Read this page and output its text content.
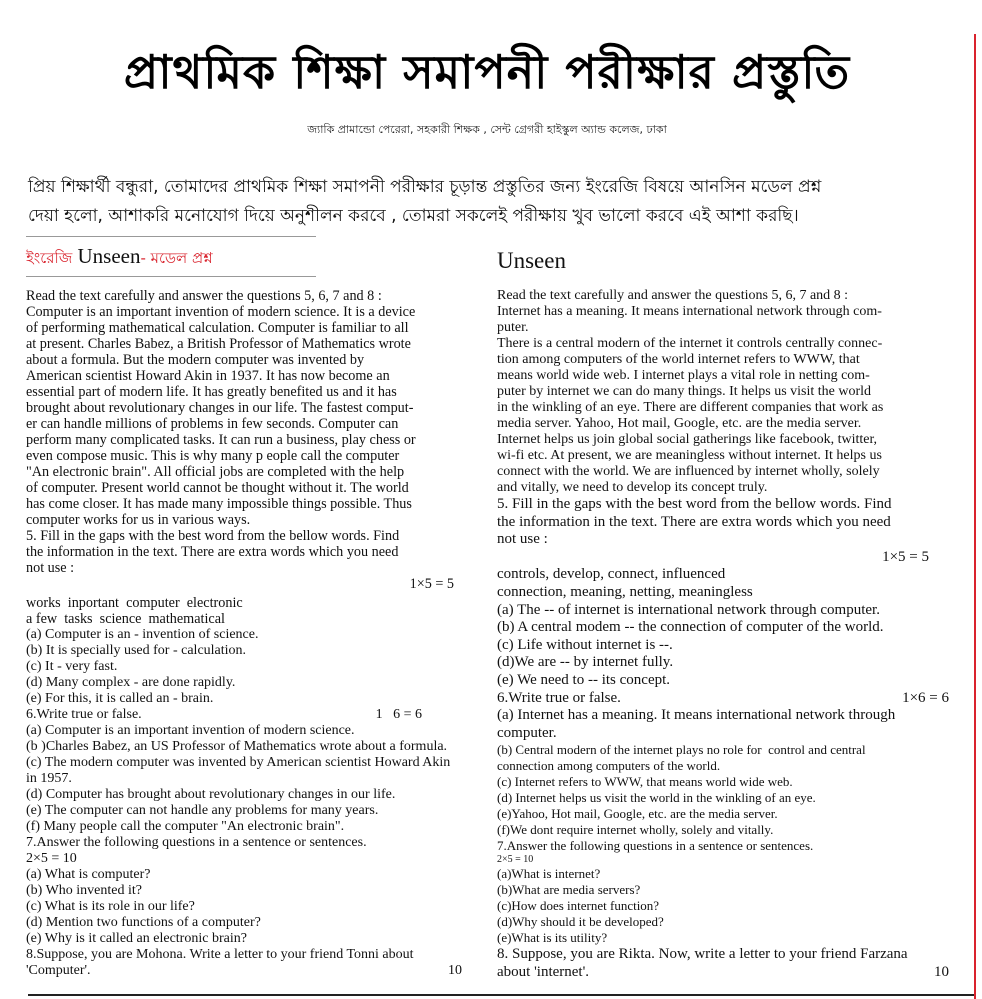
প্রাথমিক শিক্ষা সমাপনী পরীক্ষার প্রস্তুতি
জ্যাকি প্রামান্ডো পেরেরা, সহকারী শিক্ষক , সেন্ট গ্রেগরী হাইস্কুল অ্যান্ড কলেজ, ঢাকা
প্রিয় শিক্ষার্থী বন্ধুরা, তোমাদের প্রাথমিক শিক্ষা সমাপনী পরীক্ষার চূড়ান্ত প্রস্তুতির জন্য ইংরেজি বিষয়ে আনসিন মডেল প্রশ্ন
দেয়া হলো, আশাকরি মনোযোগ দিয়ে অনুশীলন করবে , তোমরা সকলেই পরীক্ষায় খুব ভালো করবে এই আশা করছি।
ইংরেজি Unseen- মডেল প্রশ্ন	Unseen

Read the text carefully and answer the questions 5, 6, 7 and 8 :

Computer is an important invention of modern science. It is a device

of performing mathematical calculation. Computer is familiar to all

at present. Charles Babez, a British Professor of Mathematics wrote

about a formula. But the modern computer was invented by

American scientist Howard Akin in 1937. It has now become an

essential part of modern life. It has greatly benefited us and it has

brought about revolutionary changes in our life. The fastest comput-

er can handle millions of problems in few seconds. Computer can

perform many complicated tasks. It can run a business, play chess or

even compose music. This is why many p eople call the computer

"An electronic brain". All official jobs are completed with the help

of computer. Present world cannot be thought without it. The world

has come closer. It has made many impossible things possible. Thus

computer works for us in various ways.

5. Fill in the gaps with the best word from the bellow words. Find

the information in the text. There are extra words which you need

not use :

1×5 = 5

works  inportant  computer  electronic

a few  tasks  science  mathematical

(a) Computer is an - invention of science.

(b) It is specially used for - calculation.

(c) It - very fast.

(d) Many complex - are done rapidly.

(e) For this, it is called an - brain.

6.Write true or false.	1   6 = 6

(a) Computer is an important invention of modern science.

(b )Charles Babez, an US Professor of Mathematics wrote about a formula.

(c) The modern computer was invented by American scientist Howard Akin

in 1957.

(d) Computer has brought about revolutionary changes in our life.

(e) The computer can not handle any problems for many years.

(f) Many people call the computer "An electronic brain".

7.Answer the following questions in a sentence or sentences.

2×5 = 10

(a) What is computer?

(b) Who invented it?

(c) What is its role in our life?

(d) Mention two functions of a computer?

(e) Why is it called an electronic brain?

8.Suppose, you are Mohona. Write a letter to your friend Tonni about

'Computer'.	10

Read the text carefully and answer the questions 5, 6, 7 and 8 :

Internet has a meaning. It means international network through com-

puter.

There is a central modern of the internet it controls centrally connec-

tion among computers of the world internet refers to WWW, that

means world wide web. I internet plays a vital role in netting com-

puter by internet we can do many things. It helps us visit the world

in the winkling of an eye. There are different companies that work as

media server. Yahoo, Hot mail, Google, etc. are the media server.

Internet helps us join global social gatherings like facebook, twitter,

wi-fi etc. At present, we are meaningless without internet. It helps us

connect with the world. We are influenced by internet wholly, solely

and vitally, we need to develop its concept truly.

5. Fill in the gaps with the best word from the bellow words. Find

the information in the text. There are extra words which you need

not use :

1×5 = 5

controls, develop, connect, influenced

connection, meaning, netting, meaningless

(a) The -- of internet is international network through computer.

(b) A central modem -- the connection of computer of the world.

(c) Life without internet is --.

(d)We are -- by internet fully.

(e) We need to -- its concept.

6.Write true or false.	1×6 = 6

(a) Internet has a meaning. It means international network through

computer.

(b) Central modern of the internet plays no role for  control and central

connection among computers of the world.

(c) Internet refers to WWW, that means world wide web.

(d) Internet helps us visit the world in the winkling of an eye.

(e)Yahoo, Hot mail, Google, etc. are the media server.

(f)We dont require internet wholly, solely and vitally.

7.Answer the following questions in a sentence or sentences.

2×5 = 10

(a)What is internet?

(b)What are media servers?

(c)How does internet function?

(d)Why should it be developed?

(e)What is its utility?

8. Suppose, you are Rikta. Now, write a letter to your friend Farzana

about 'internet'.	10
